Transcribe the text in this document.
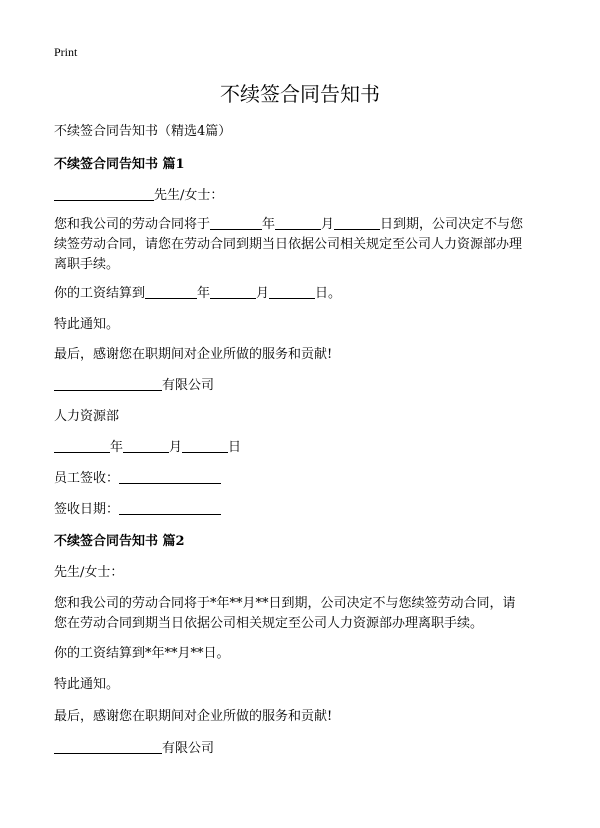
Print
不续签合同告知书
不续签合同告知书（精选4篇）
不续签合同告知书 篇1
先生/女士：
您和我公司的劳动合同将于	年	月	日到期，公司决定不与您
续签劳动合同，请您在劳动合同到期当日依据公司相关规定至公司人力资源部办理
离职手续。
你的工资结算到	年	月	日。
特此通知。
最后，感谢您在职期间对企业所做的服务和贡献!
有限公司
人力资源部
年	月	日
员工签收：
签收日期：
不续签合同告知书 篇2
先生/女士：
您和我公司的劳动合同将于*年**月**日到期，公司决定不与您续签劳动合同，请
您在劳动合同到期当日依据公司相关规定至公司人力资源部办理离职手续。
你的工资结算到*年**月**日。
特此通知。
最后，感谢您在职期间对企业所做的服务和贡献!
有限公司
